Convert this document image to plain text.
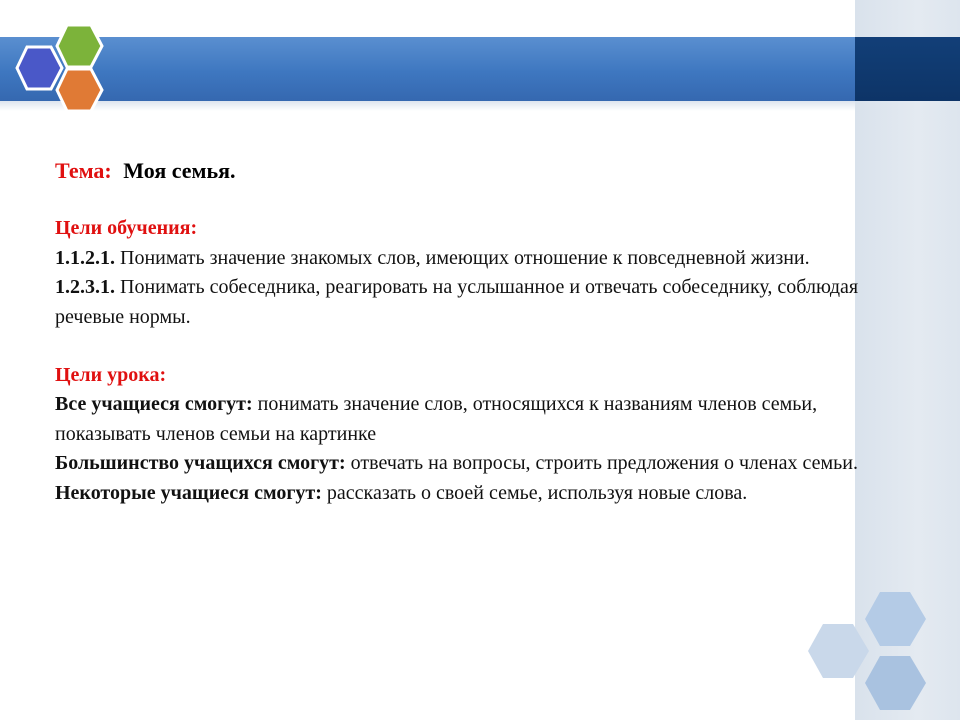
Тема: Моя семья.
Цели обучения:

1.1.2.1. Понимать значение знакомых слов, имеющих отношение к повседневной жизни.

1.2.3.1. Понимать собеседника, реагировать на услышанное и отвечать собеседнику, соблюдая речевые нормы.

Цели урока:

Все учащиеся смогут: понимать значение слов, относящихся к названиям членов семьи, показывать членов семьи на картинке

Большинство учащихся смогут: отвечать на вопросы, строить предложения о членах семьи.

Некоторые учащиеся смогут: рассказать о своей семье, используя новые слова.
